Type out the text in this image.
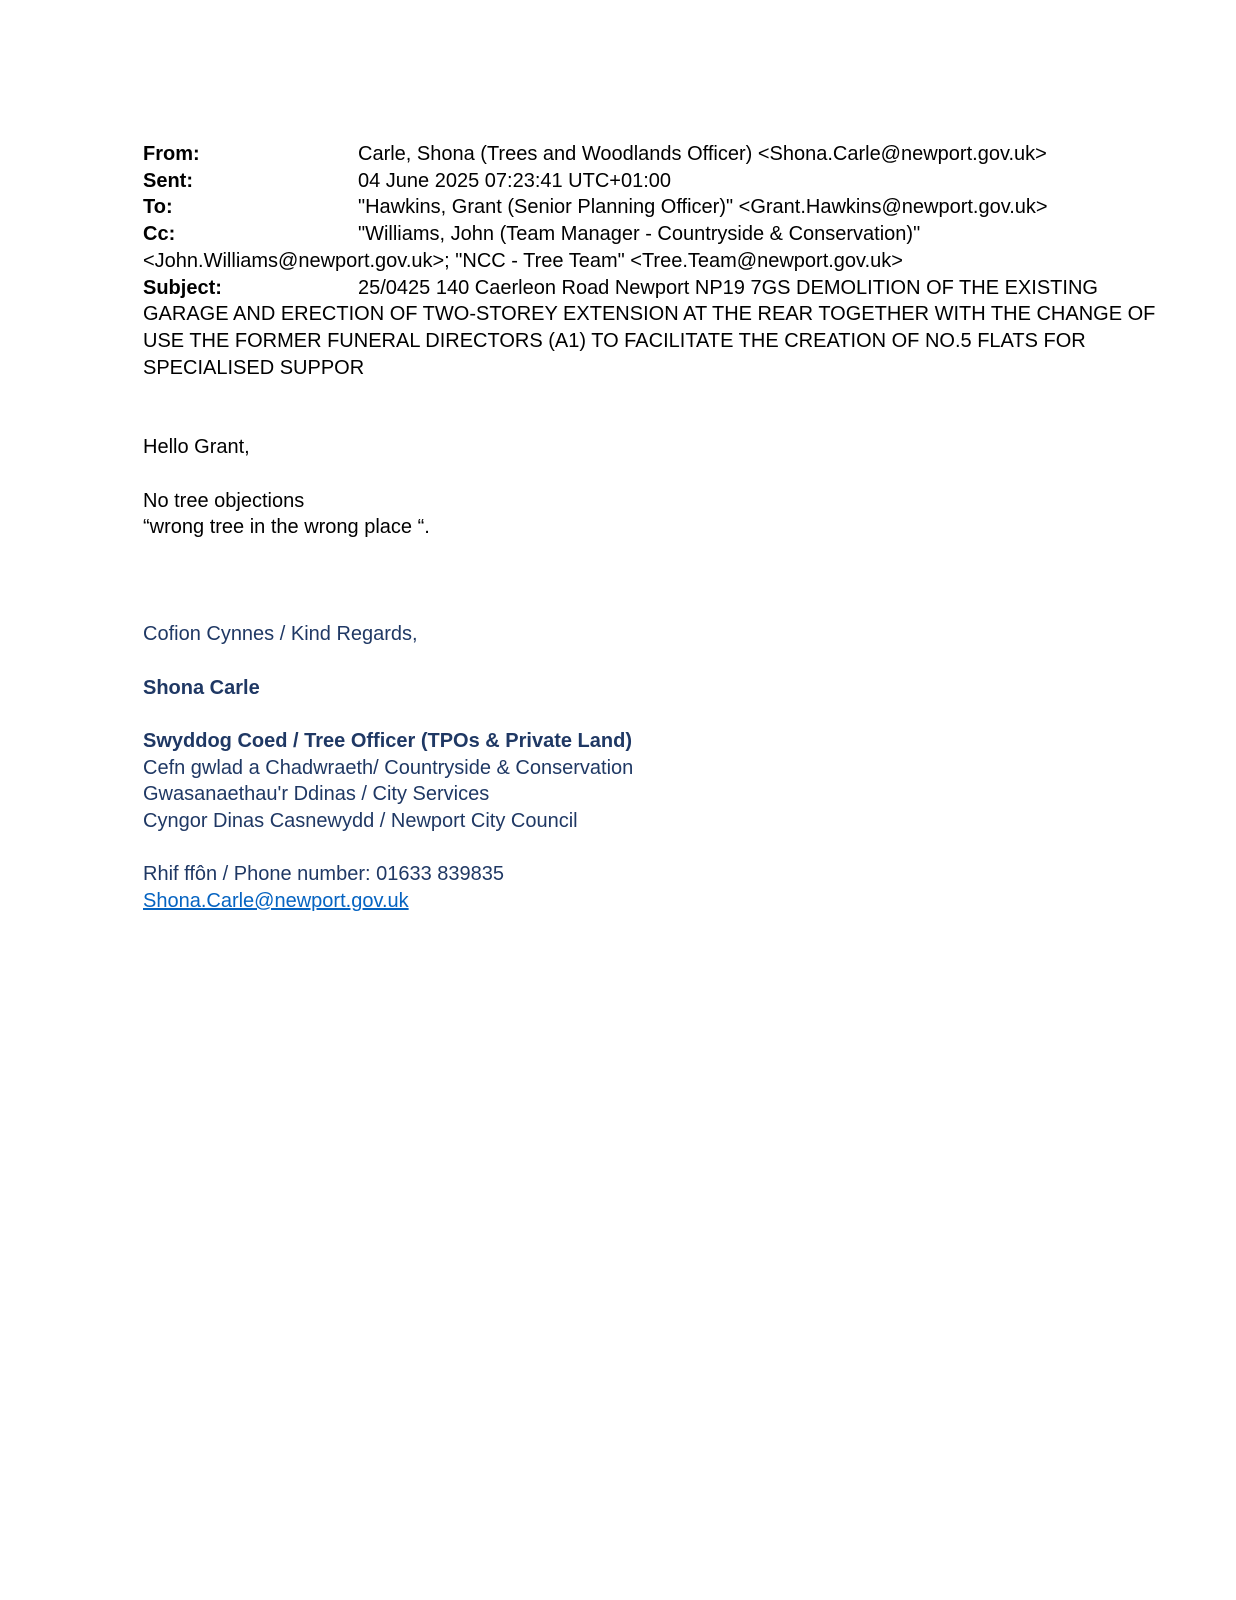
From:	Carle, Shona (Trees and Woodlands Officer) <Shona.Carle@newport.gov.uk>
Sent:	04 June 2025 07:23:41 UTC+01:00
To:	"Hawkins, Grant (Senior Planning Officer)" <Grant.Hawkins@newport.gov.uk>
Cc:	"Williams, John (Team Manager - Countryside & Conservation)"
<John.Williams@newport.gov.uk>; "NCC - Tree Team" <Tree.Team@newport.gov.uk>
Subject:	25/0425 140 Caerleon Road Newport NP19 7GS DEMOLITION OF THE EXISTING
GARAGE AND ERECTION OF TWO-STOREY EXTENSION AT THE REAR TOGETHER WITH THE CHANGE OF
USE THE FORMER FUNERAL DIRECTORS (A1) TO FACILITATE THE CREATION OF NO.5 FLATS FOR
SPECIALISED SUPPOR

Hello Grant,

No tree objections

“wrong tree in the wrong place “.

Cofion Cynnes / Kind Regards,

Shona Carle

Swyddog Coed / Tree Officer (TPOs & Private Land)

Cefn gwlad a Chadwraeth/ Countryside & Conservation

Gwasanaethau'r Ddinas / City Services

Cyngor Dinas Casnewydd / Newport City Council

Rhif ffôn / Phone number: 01633 839835

Shona.Carle@newport.gov.uk
